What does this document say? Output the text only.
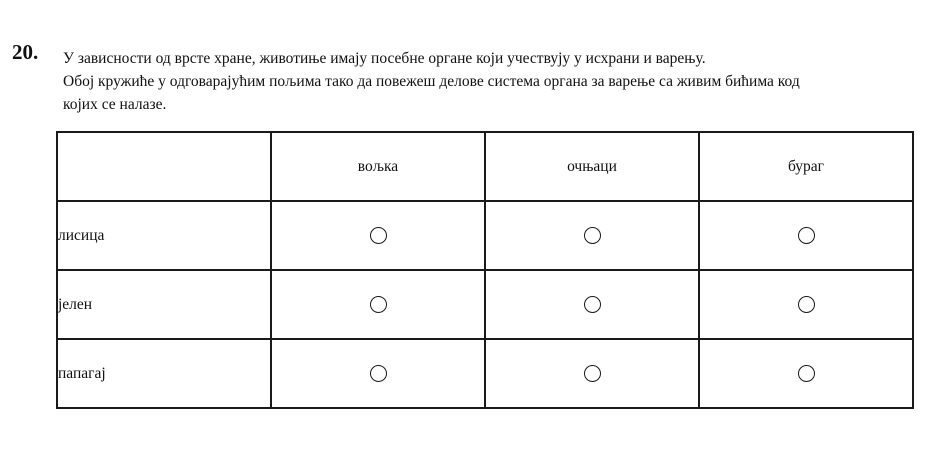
20. У зависности од врсте хране, животиње имају посебне органе који учествују у исхрани и варењу.
Обој кружиће у одговарајућим пољима тако да повежеш делове система органа за варење са живим бићима код
којих се налазе.
	вољка	очњаци	бураг
лисица			
јелен			
папагај			
